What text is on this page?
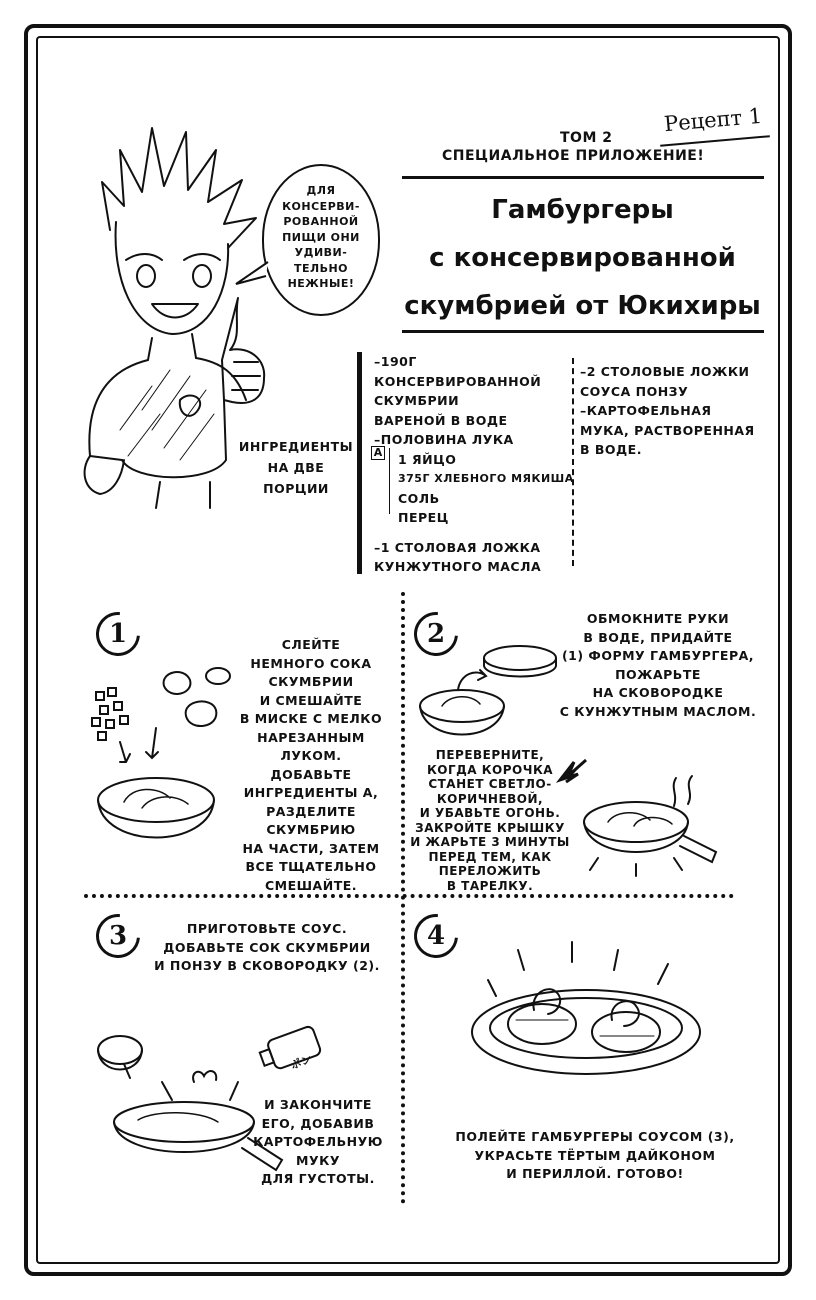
Рецепт 1
ТОМ 2
СПЕЦИАЛЬНОЕ ПРИЛОЖЕНИЕ!
Гамбургеры
с консервированной
скумбрией от Юкихиры
ДЛЯ
КОНСЕРВИ-
РОВАННОЙ
ПИЩИ ОНИ
УДИВИ-
ТЕЛЬНО
НЕЖНЫЕ!
ИНГРЕДИЕНТЫ
НА ДВЕ
ПОРЦИИ
–190Г
КОНСЕРВИРОВАННОЙ
СКУМБРИИ
ВАРЕНОЙ В ВОДЕ
–ПОЛОВИНА ЛУКА
1 ЯЙЦО
375Г ХЛЕБНОГО МЯКИША
СОЛЬ
ПЕРЕЦ
–1 СТОЛОВАЯ ЛОЖКА
КУНЖУТНОГО МАСЛА
A
–2 СТОЛОВЫЕ ЛОЖКИ
СОУСА ПОНЗУ
–КАРТОФЕЛЬНАЯ
МУКА, РАСТВОРЕННАЯ
В ВОДЕ.
1	СЛЕЙТЕ
НЕМНОГО СОКА
СКУМБРИИ
И СМЕШАЙТЕ
В МИСКЕ С МЕЛКО
НАРЕЗАННЫМ ЛУКОМ.
ДОБАВЬТЕ
ИНГРЕДИЕНТЫ А,
РАЗДЕЛИТЕ
СКУМБРИЮ
НА ЧАСТИ, ЗАТЕМ
ВСЕ ТЩАТЕЛЬНО
СМЕШАЙТЕ.
2
ОБМОКНИТЕ РУКИ
В ВОДЕ, ПРИДАЙТЕ
(1) ФОРМУ ГАМБУРГЕРА,
ПОЖАРЬТЕ
НА СКОВОРОДКЕ
С КУНЖУТНЫМ МАСЛОМ.
ПЕРЕВЕРНИТЕ,
КОГДА КОРОЧКА
СТАНЕТ СВЕТЛО-
КОРИЧНЕВОЙ,
И УБАВЬТЕ ОГОНЬ.
ЗАКРОЙТЕ КРЫШКУ
И ЖАРЬТЕ 3 МИНУТЫ
ПЕРЕД ТЕМ, КАК
ПЕРЕЛОЖИТЬ
В ТАРЕЛКУ.
3	ПРИГОТОВЬТЕ СОУС.
ДОБАВЬТЕ СОК СКУМБРИИ
И ПОНЗУ В СКОВОРОДКУ (2).
ポン
И ЗАКОНЧИТЕ
ЕГО, ДОБАВИВ
КАРТОФЕЛЬНУЮ
МУКУ
ДЛЯ ГУСТОТЫ.
4
ПОЛЕЙТЕ ГАМБУРГЕРЫ СОУСОМ (3),
УКРАСЬТЕ ТЁРТЫМ ДАЙКОНОМ
И ПЕРИЛЛОЙ. ГОТОВО!
